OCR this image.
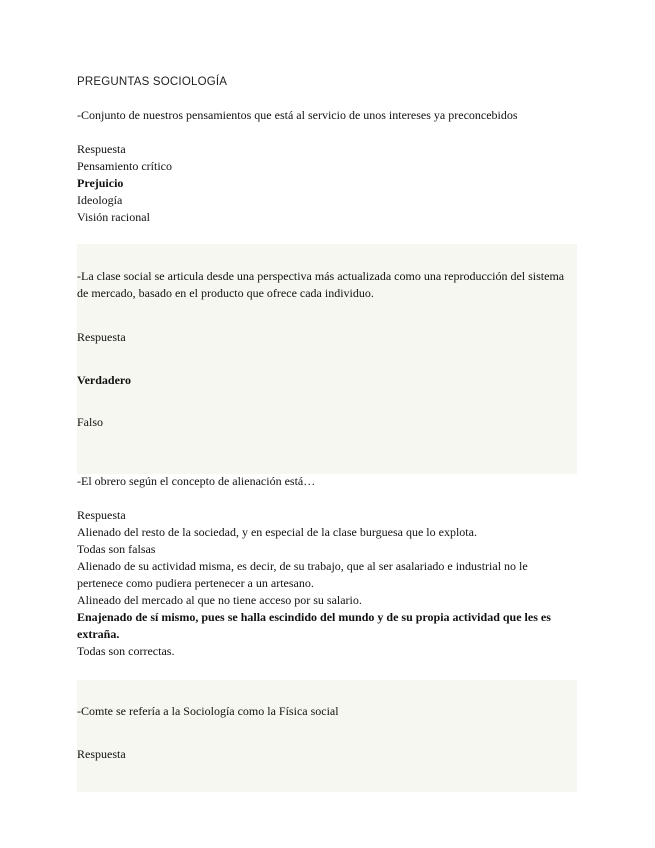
PREGUNTAS SOCIOLOGÍA
-Conjunto de nuestros pensamientos que está al servicio de unos intereses ya preconcebidos
Respuesta
Pensamiento crítico
Prejuicio
Ideología
Visión racional
-La clase social se articula desde una perspectiva más actualizada como una reproducción del sistema de mercado, basado en el producto que ofrece cada individuo.
Respuesta
Verdadero
Falso
-El obrero según el concepto de alienación está…
Respuesta
Alienado del resto de la sociedad, y en especial de la clase burguesa que lo explota.
Todas son falsas
Alienado de su actividad misma, es decir, de su trabajo, que al ser asalariado e industrial no le pertenece como pudiera pertenecer a un artesano.
Alineado del mercado al que no tiene acceso por su salario.
Enajenado de sí mismo, pues se halla escindido del mundo y de su propia actividad que les es extraña.
Todas son correctas.
-Comte se refería a la Sociología como la Física social
Respuesta
